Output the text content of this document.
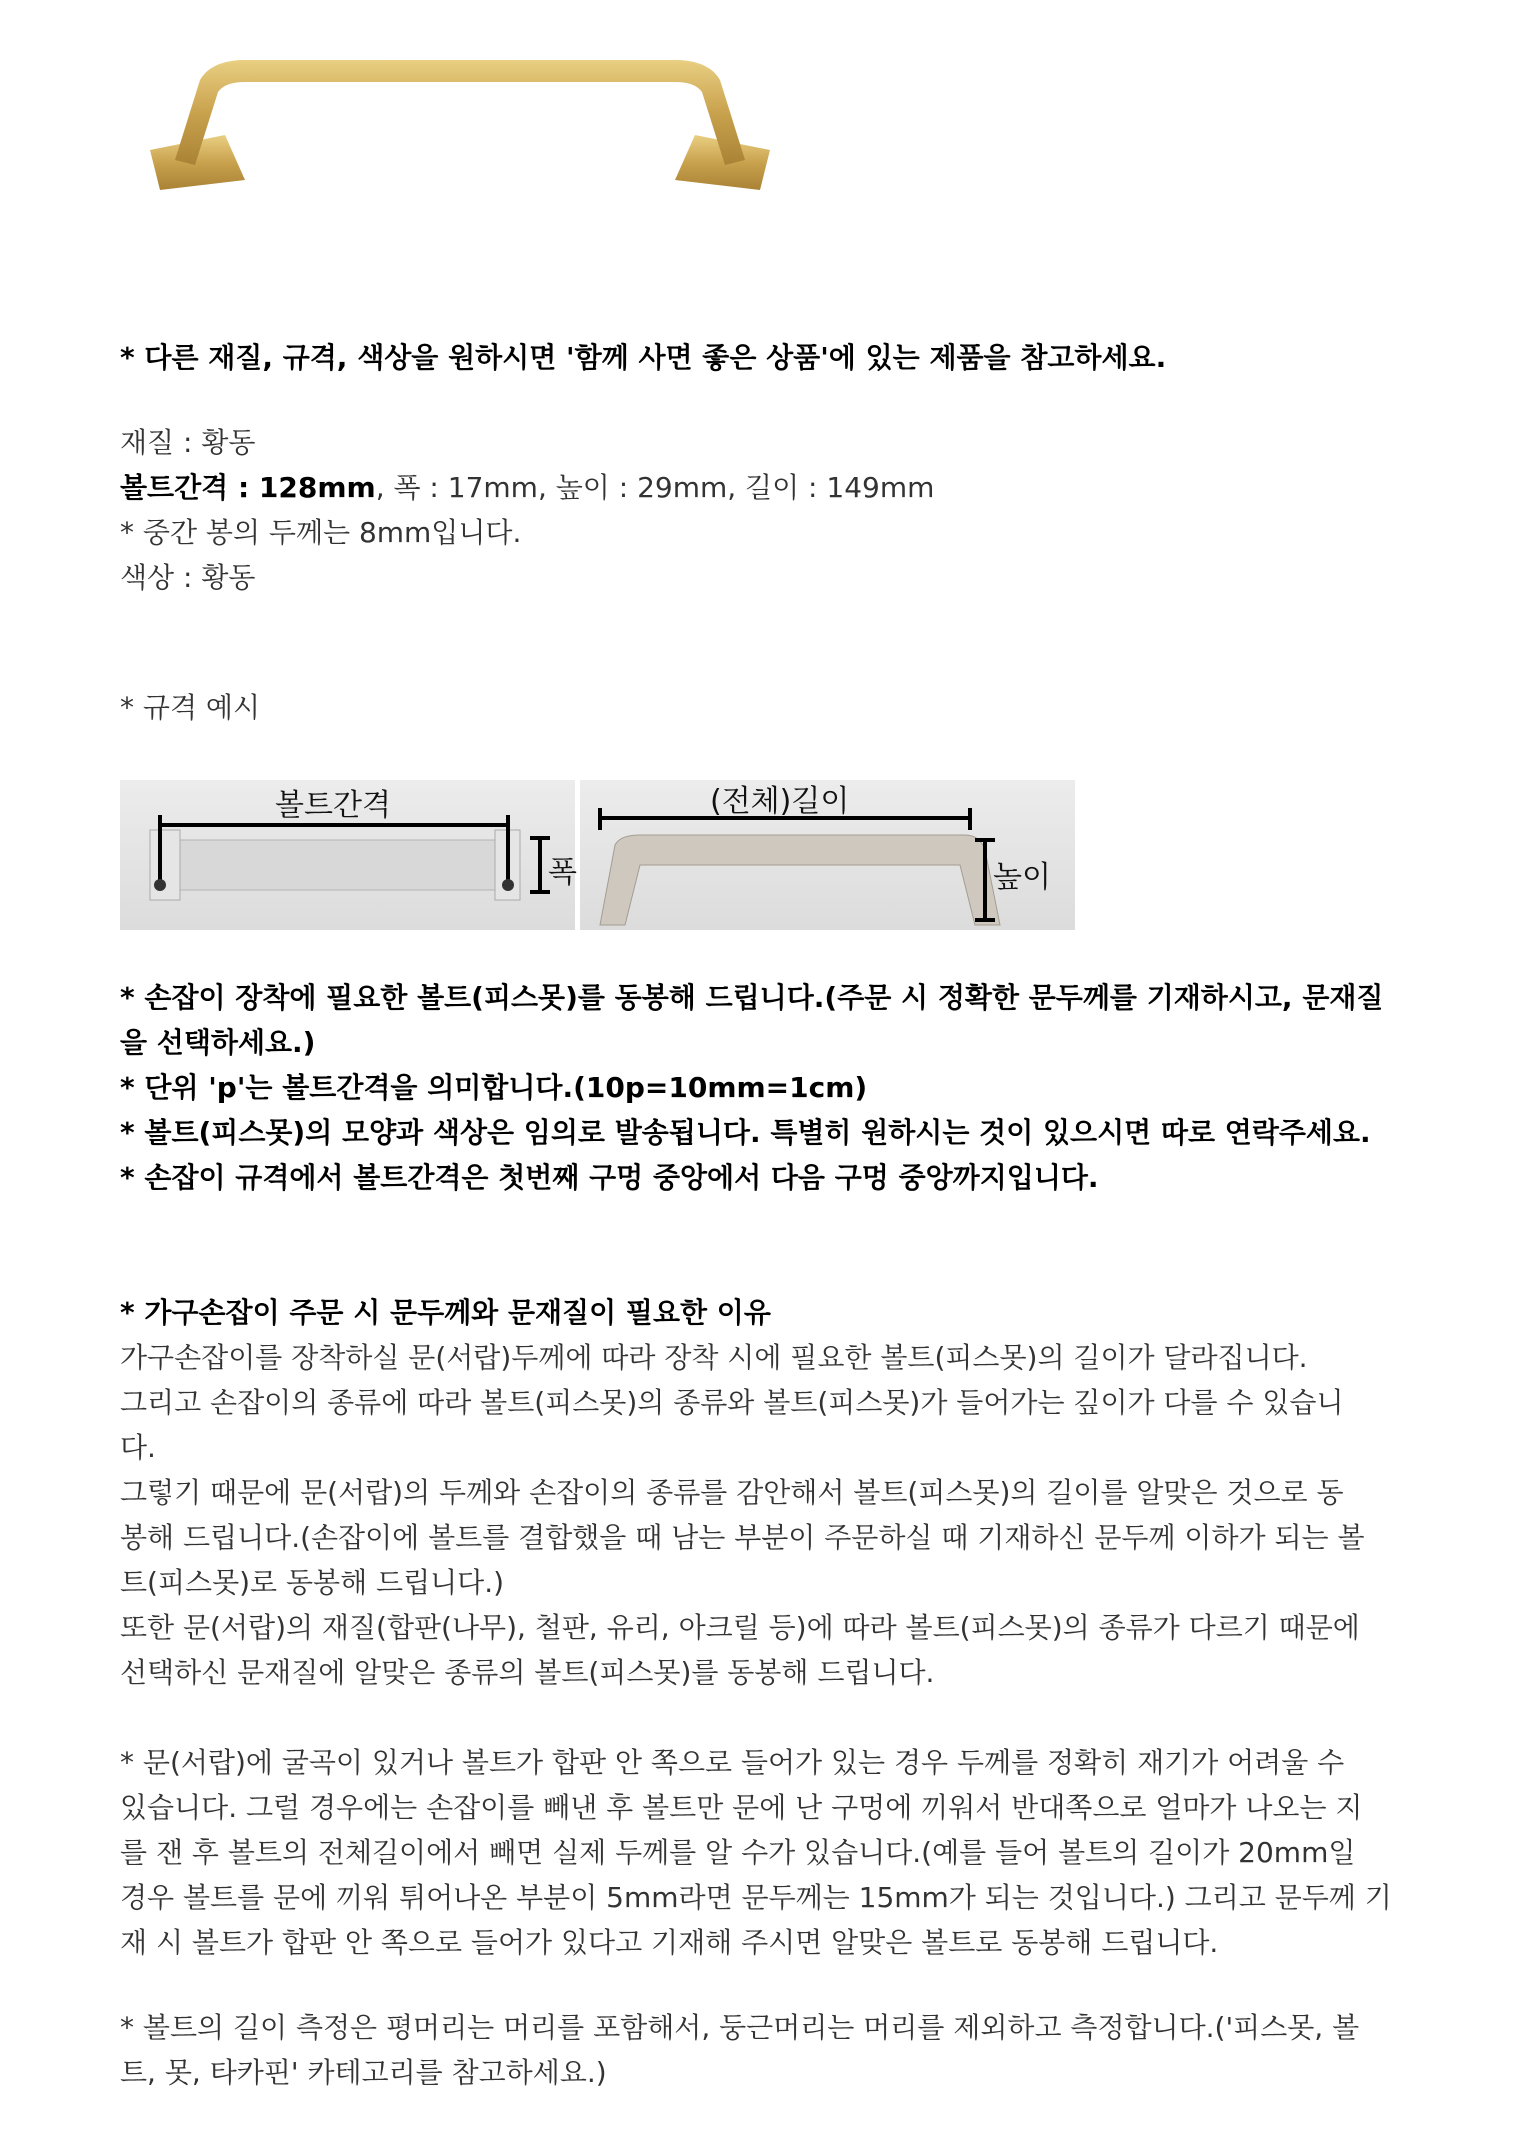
* 다른 재질, 규격, 색상을 원하시면 '함께 사면 좋은 상품'에 있는 제품을 참고하세요.
재질 : 황동
볼트간격 : 128mm, 폭 : 17mm, 높이 : 29mm, 길이 : 149mm
* 중간 봉의 두께는 8mm입니다.
색상 : 황동
* 규격 예시
볼트간격
폭
(전체)길이
높이
* 손잡이 장착에 필요한 볼트(피스못)를 동봉해 드립니다.(주문 시 정확한 문두께를 기재하시고, 문재질
을 선택하세요.)
* 단위 'p'는 볼트간격을 의미합니다.(10p=10mm=1cm)
* 볼트(피스못)의 모양과 색상은 임의로 발송됩니다. 특별히 원하시는 것이 있으시면 따로 연락주세요.
* 손잡이 규격에서 볼트간격은 첫번째 구멍 중앙에서 다음 구멍 중앙까지입니다.
* 가구손잡이 주문 시 문두께와 문재질이 필요한 이유
가구손잡이를 장착하실 문(서랍)두께에 따라 장착 시에 필요한 볼트(피스못)의 길이가 달라집니다.
그리고 손잡이의 종류에 따라 볼트(피스못)의 종류와 볼트(피스못)가 들어가는 깊이가 다를 수 있습니
다.
그렇기 때문에 문(서랍)의 두께와 손잡이의 종류를 감안해서 볼트(피스못)의 길이를 알맞은 것으로 동
봉해 드립니다.(손잡이에 볼트를 결합했을 때 남는 부분이 주문하실 때 기재하신 문두께 이하가 되는 볼
트(피스못)로 동봉해 드립니다.)
또한 문(서랍)의 재질(합판(나무), 철판, 유리, 아크릴 등)에 따라 볼트(피스못)의 종류가 다르기 때문에
선택하신 문재질에 알맞은 종류의 볼트(피스못)를 동봉해 드립니다.
* 문(서랍)에 굴곡이 있거나 볼트가 합판 안 쪽으로 들어가 있는 경우 두께를 정확히 재기가 어려울 수
있습니다. 그럴 경우에는 손잡이를 빼낸 후 볼트만 문에 난 구멍에 끼워서 반대쪽으로 얼마가 나오는 지
를 잰 후 볼트의 전체길이에서 빼면 실제 두께를 알 수가 있습니다.(예를 들어 볼트의 길이가 20mm일
경우 볼트를 문에 끼워 튀어나온 부분이 5mm라면 문두께는 15mm가 되는 것입니다.) 그리고 문두께 기
재 시 볼트가 합판 안 쪽으로 들어가 있다고 기재해 주시면 알맞은 볼트로 동봉해 드립니다.
* 볼트의 길이 측정은 평머리는 머리를 포함해서, 둥근머리는 머리를 제외하고 측정합니다.('피스못, 볼
트, 못, 타카핀' 카테고리를 참고하세요.)
